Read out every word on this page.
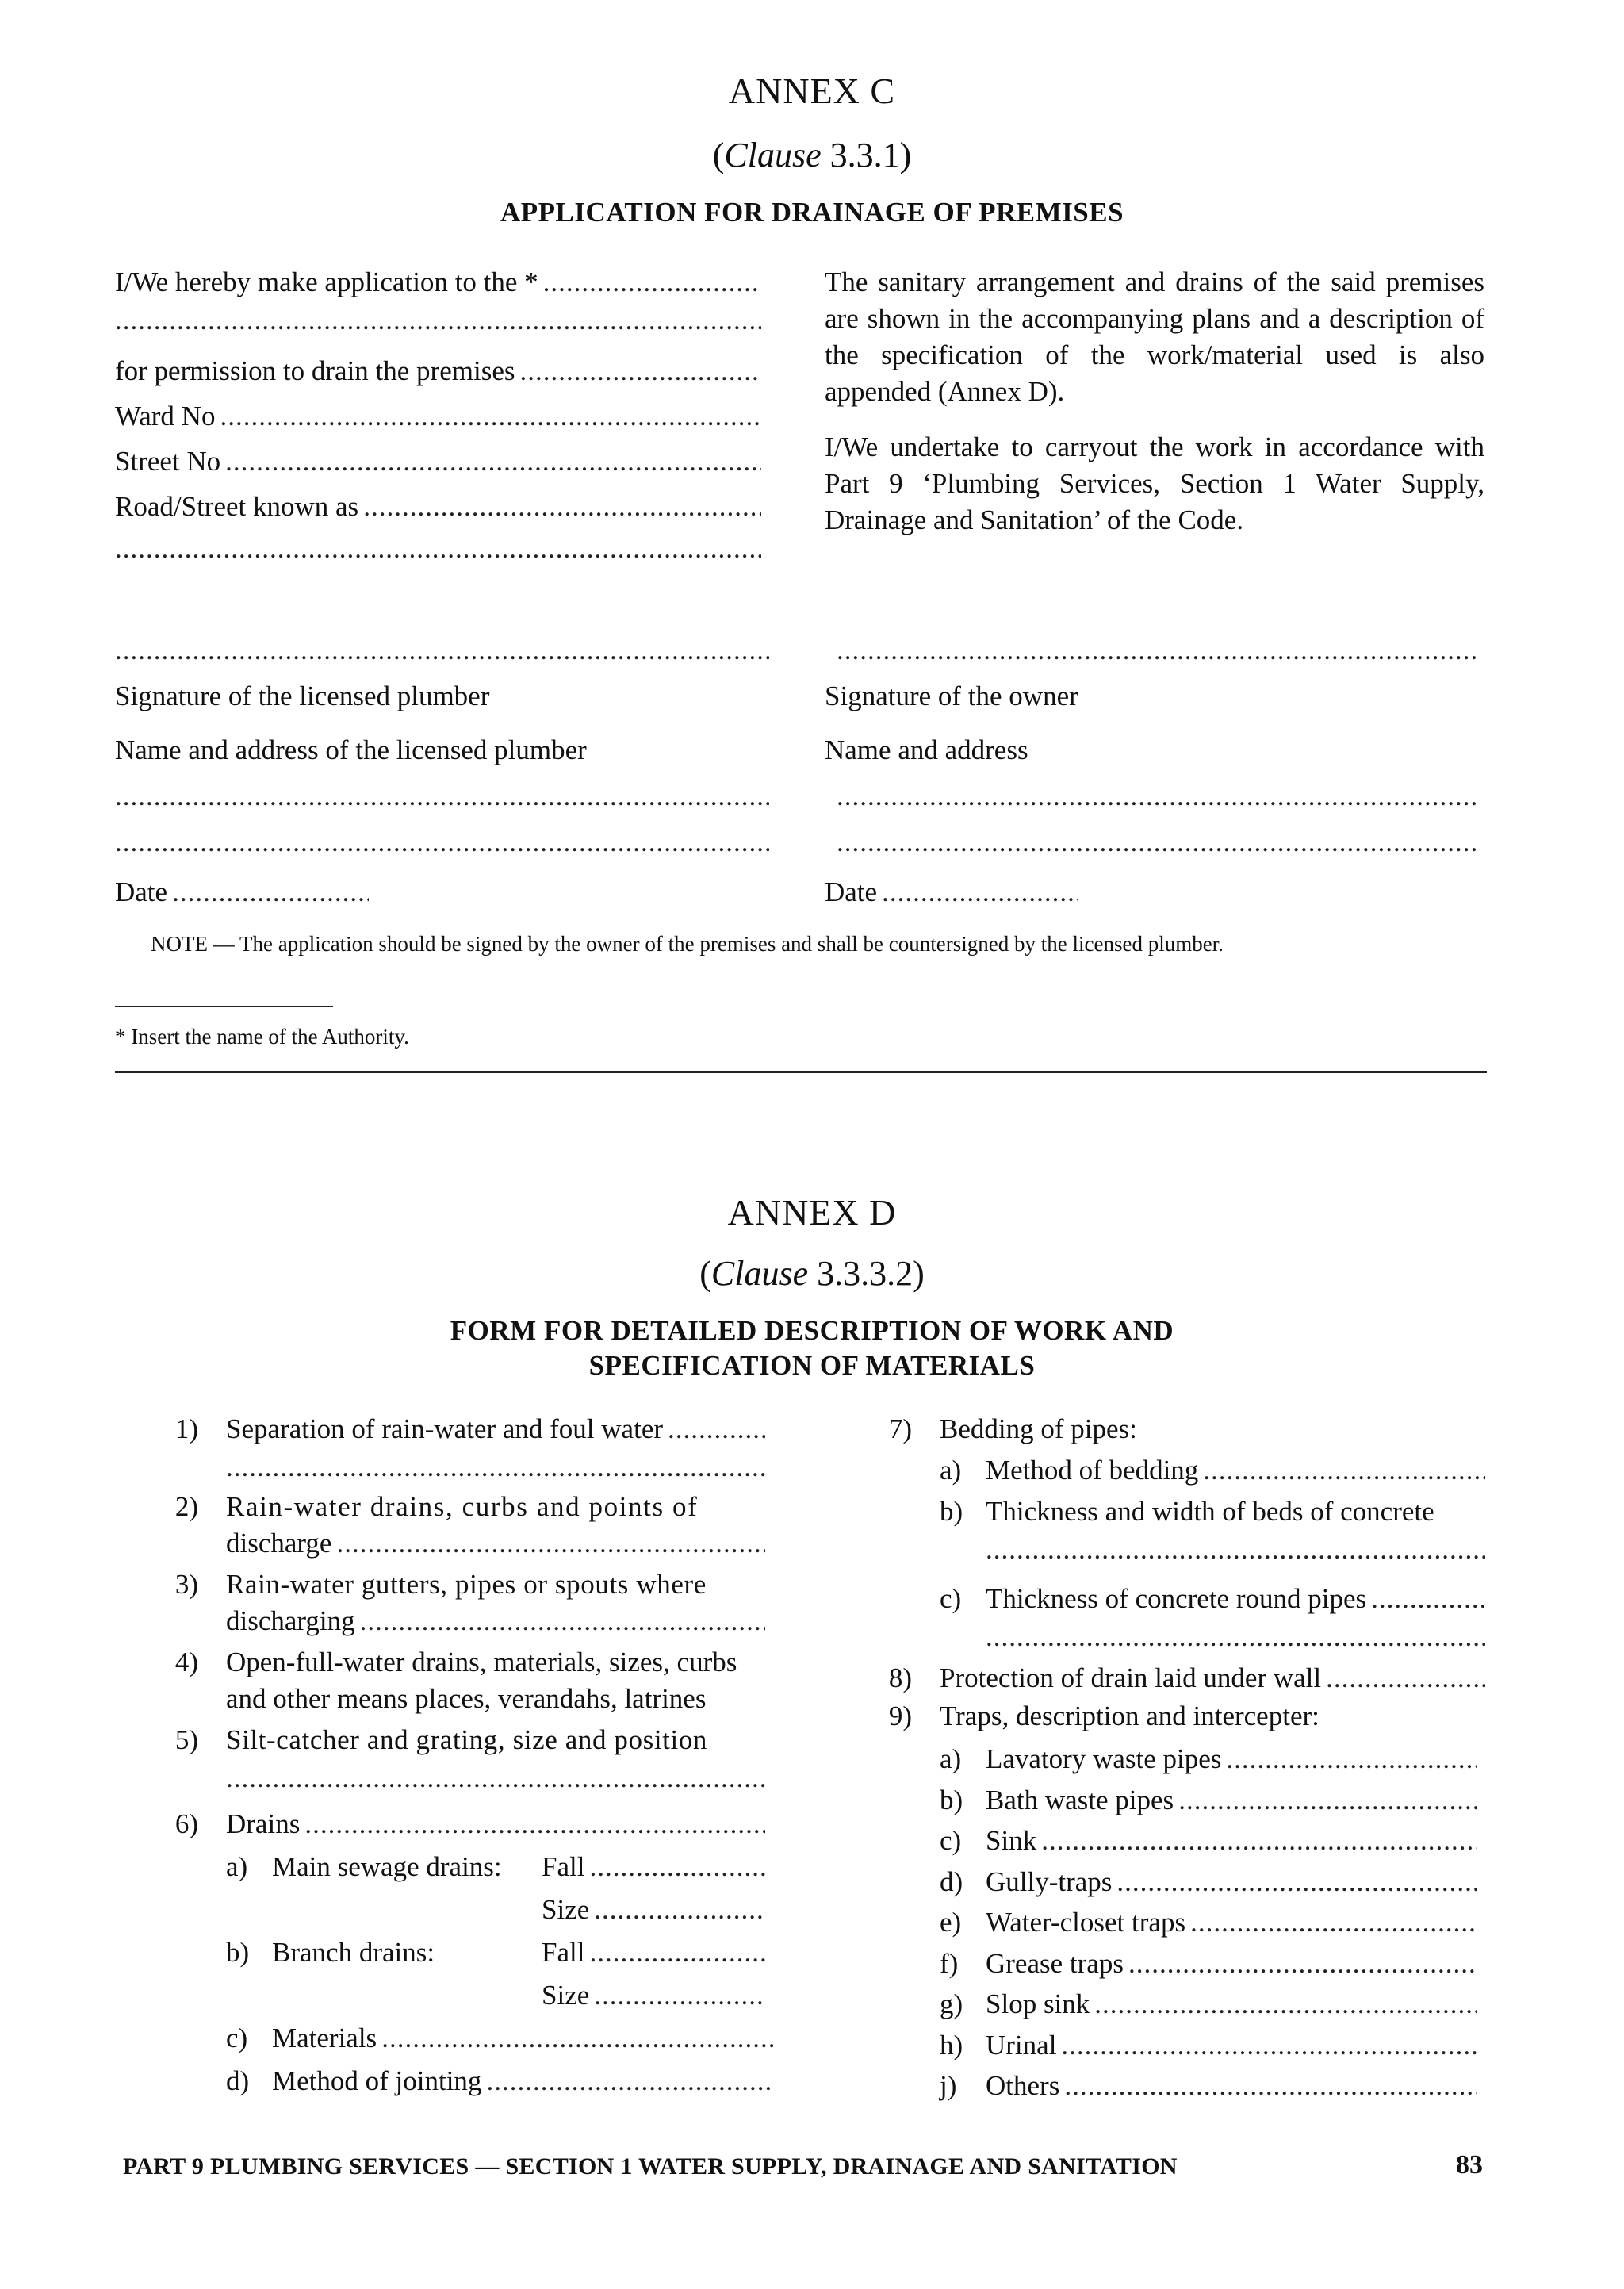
ANNEX C
(Clause 3.3.1)
APPLICATION FOR DRAINAGE OF PREMISES
I/We hereby make application to the *
.....
.....
for permission to drain the premises
.....
Ward No
.....
Street No
.....
Road/Street known as
.....
.....
The sanitary arrangement and drains of the said premises are shown in the accompanying plans and a description of the specification of the work/material used is also appended (Annex D).
I/We undertake to carryout the work in accordance with Part 9 ‘Plumbing Services, Section 1 Water Supply, Drainage and Sanitation’ of the Code.
.....
Signature of the licensed plumber
Name and address of the licensed plumber
.....
.....
Date
.....
.....
Signature of the owner
Name and address
.....
.....
Date
.....
NOTE — The application should be signed by the owner of the premises and shall be countersigned by the licensed plumber.
* Insert the name of the Authority.
ANNEX D
(Clause 3.3.3.2)
FORM FOR DETAILED DESCRIPTION OF WORK AND
SPECIFICATION OF MATERIALS
1) Separation of rain-water and foul water
.....
.....
2) Rain-water drains, curbs and points of
discharge
.....
3) Rain-water gutters, pipes or spouts where
discharging
.....
4) Open-full-water drains, materials, sizes, curbs
and other means places, verandahs, latrines
5) Silt-catcher and grating, size and position
.....
6) Drains
.....
a) Main sewage drains: Fall
.....
Size
.....
b) Branch drains:	Fall
.....
Size
.....
c) Materials
.....
d) Method of jointing
.....
7) Bedding of pipes:
a) Method of bedding
.....
b) Thickness and width of beds of concrete
.....
c) Thickness of concrete round pipes
.....
.....
8) Protection of drain laid under wall
.....
9) Traps, description and intercepter:
a) Lavatory waste pipes
.....
b) Bath waste pipes
.....
c) Sink
.....
d) Gully-traps
.....
e) Water-closet traps
.....
f) Grease traps
.....
g) Slop sink
.....
h) Urinal
.....
j) Others
.....
PART 9 PLUMBING SERVICES — SECTION 1 WATER SUPPLY, DRAINAGE AND SANITATION	83
